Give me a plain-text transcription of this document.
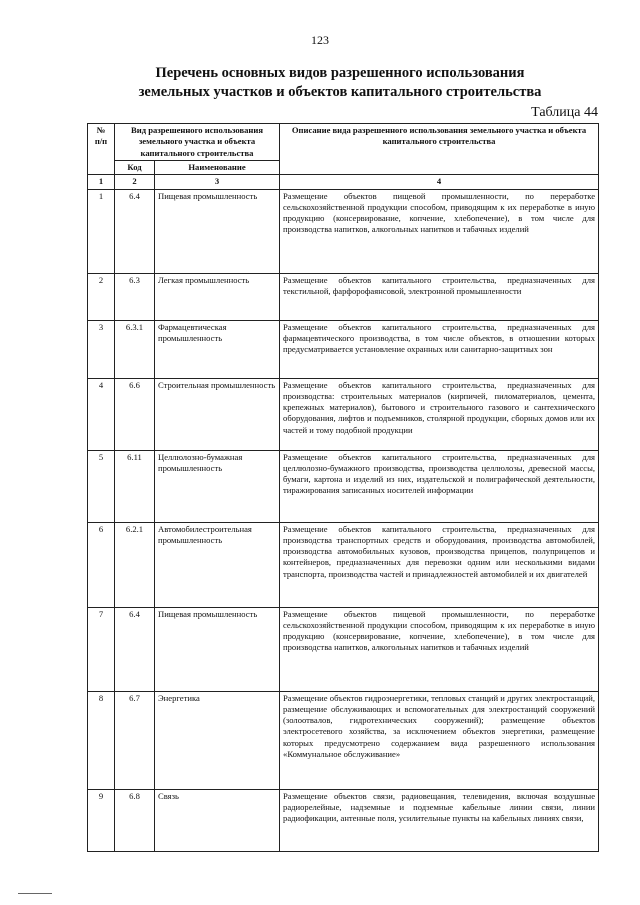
123
Перечень основных видов разрешенного использования
земельных участков и объектов капитального строительства
Таблица 44
№
п/п	Вид разрешенного использования земельного участка и объекта капитального строительства		Описание вида разрешенного использования земельного участка и объекта капитального строительства
	Код	Наименование	
1	2	3	4
1	6.4	Пищевая промышленность	Размещение объектов пищевой промышленности, по переработке сельскохозяйственной продукции способом, приводящим к их переработке в иную продукцию (консервирование, копчение, хлебопечение), в том числе для производства напитков, алкогольных напитков и табачных изделий
2	6.3	Легкая промышленность	Размещение объектов капитального строительства, предназначенных для текстильной, фарфорофаянсовой, электронной промышленности
3	6.3.1	Фармацевтическая промышленность	Размещение объектов капитального строительства, предназначенных для фармацевтического производства, в том числе объектов, в отношении которых предусматривается установление охранных или санитарно-защитных зон
4	6.6	Строительная промышленность	Размещение объектов капитального строительства, предназначенных для производства: строительных материалов (кирпичей, пиломатериалов, цемента, крепежных материалов), бытового и строительного газового и сантехнического оборудования, лифтов и подъемников, столярной продукции, сборных домов или их частей и тому подобной продукции
5	6.11	Целлюлозно-бумажная промышленность	Размещение объектов капитального строительства, предназначенных для целлюлозно-бумажного производства, производства целлюлозы, древесной массы, бумаги, картона и изделий из них, издательской и полиграфической деятельности, тиражирования записанных носителей информации
6	6.2.1	Автомобилестроительная промышленность	Размещение объектов капитального строительства, предназначенных для производства транспортных средств и оборудования, производства автомобилей, производства автомобильных кузовов, производства прицепов, полуприцепов и контейнеров, предназначенных для перевозки одним или несколькими видами транспорта, производства частей и принадлежностей автомобилей и их двигателей
7	6.4	Пищевая промышленность	Размещение объектов пищевой промышленности, по переработке сельскохозяйственной продукции способом, приводящим к их переработке в иную продукцию (консервирование, копчение, хлебопечение), в том числе для производства напитков, алкогольных напитков и табачных изделий
8	6.7	Энергетика	Размещение объектов гидроэнергетики, тепловых станций и других электростанций, размещение обслуживающих и вспомогательных для электростанций сооружений (золоотвалов, гидротехнических сооружений); размещение объектов электросетевого хозяйства, за исключением объектов энергетики, размещение которых предусмотрено содержанием вида разрешенного использования «Коммунальное обслуживание»
9	6.8	Связь	Размещение объектов связи, радиовещания, телевидения, включая воздушные радиорелейные, надземные и подземные кабельные линии связи, линии радиофикации, антенные поля, усилительные пункты на кабельных линиях связи,
